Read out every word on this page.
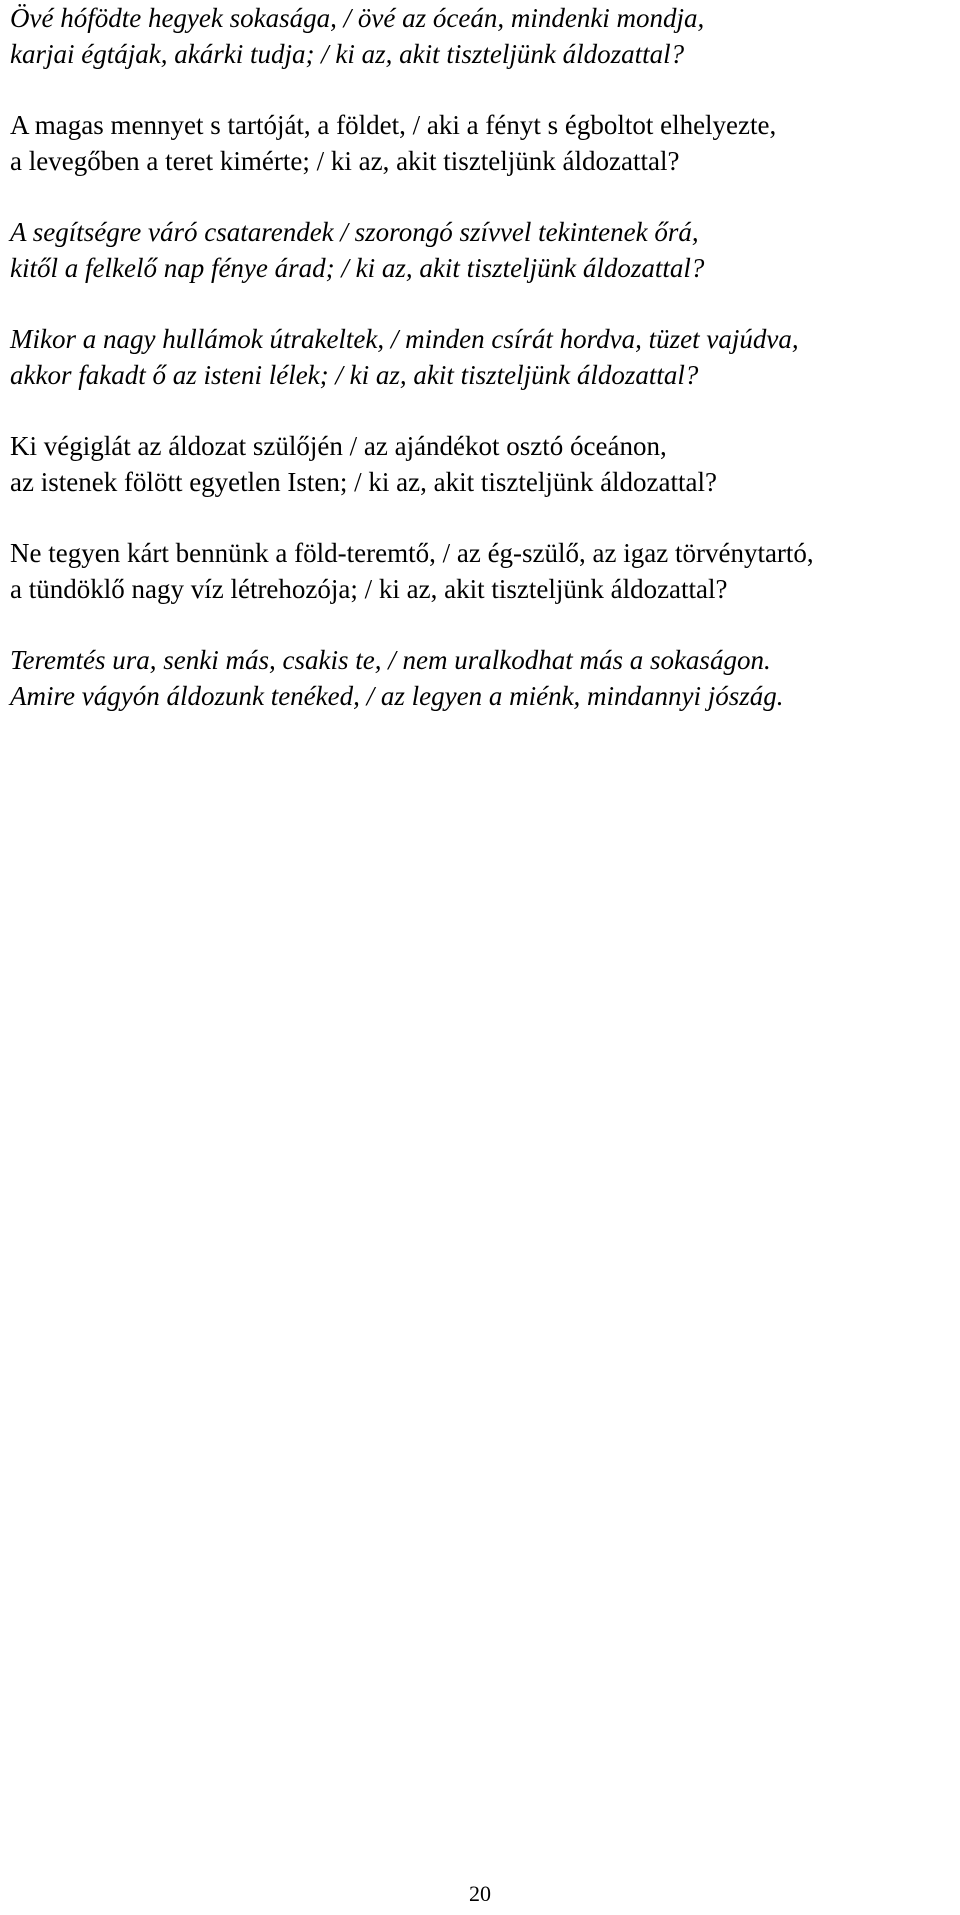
Övé hófödte hegyek sokasága, / övé az óceán, mindenki mondja,
karjai égtájak, akárki tudja; / ki az, akit tiszteljünk áldozattal?
A magas mennyet s tartóját, a földet, / aki a fényt s égboltot elhelyezte,
a levegőben a teret kimérte; / ki az, akit tiszteljünk áldozattal?
A segítségre váró csatarendek / szorongó szívvel tekintenek őrá,
kitől a felkelő nap fénye árad; / ki az, akit tiszteljünk áldozattal?
Mikor a nagy hullámok útrakeltek, / minden csírát hordva, tüzet vajúdva,
akkor fakadt ő az isteni lélek; / ki az, akit tiszteljünk áldozattal?
Ki végiglát az áldozat szülőjén / az ajándékot osztó óceánon,
az istenek fölött egyetlen Isten; / ki az, akit tiszteljünk áldozattal?
Ne tegyen kárt bennünk a föld-teremtő, / az ég-szülő, az igaz törvénytartó,
a tündöklő nagy víz létrehozója; / ki az, akit tiszteljünk áldozattal?
Teremtés ura, senki más, csakis te, / nem uralkodhat más a sokaságon.
Amire vágyón áldozunk tenéked, / az legyen a miénk, mindannyi jószág.
20
